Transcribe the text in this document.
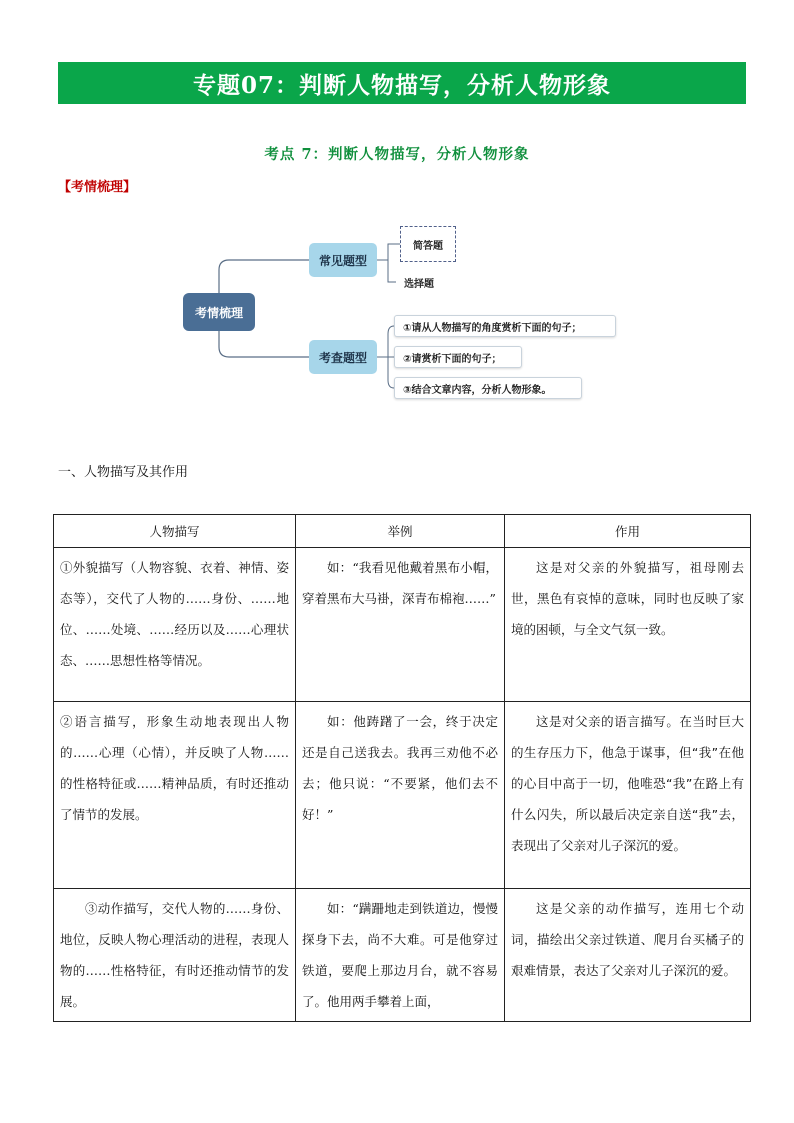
专题07：判断人物描写，分析人物形象
考点 7：判断人物描写，分析人物形象
【考情梳理】
考情梳理
常见题型
考查题型
简答题
选择题
①请从人物描写的角度赏析下面的句子；
②请赏析下面的句子；
③结合文章内容，分析人物形象。
一、人物描写及其作用
人物描写	举例	作用
①外貌描写（人物容貌、衣着、神情、姿态等），交代了人物的……身份、……地位、……处境、……经历以及……心理状态、……思想性格等情况。	如：“我看见他戴着黑布小帽，穿着黑布大马褂，深青布棉袍……”	这是对父亲的外貌描写，祖母刚去世，黑色有哀悼的意味，同时也反映了家境的困顿，与全文气氛一致。
②语言描写，形象生动地表现出人物的……心理（心情），并反映了人物……的性格特征或……精神品质，有时还推动了情节的发展。	如：他踌躇了一会，终于决定还是自己送我去。我再三劝他不必去；他只说：“不要紧，他们去不好！”	这是对父亲的语言描写。在当时巨大的生存压力下，他急于谋事，但“我”在他的心目中高于一切，他唯恐“我”在路上有什么闪失，所以最后决定亲自送“我”去，表现出了父亲对儿子深沉的爱。
③动作描写，交代人物的……身份、地位，反映人物心理活动的进程，表现人物的……性格特征，有时还推动情节的发展。	如：“蹒跚地走到铁道边，慢慢探身下去，尚不大难。可是他穿过铁道，要爬上那边月台，就不容易了。他用两手攀着上面，	这是父亲的动作描写，连用七个动词，描绘出父亲过铁道、爬月台买橘子的艰难情景，表达了父亲对儿子深沉的爱。
